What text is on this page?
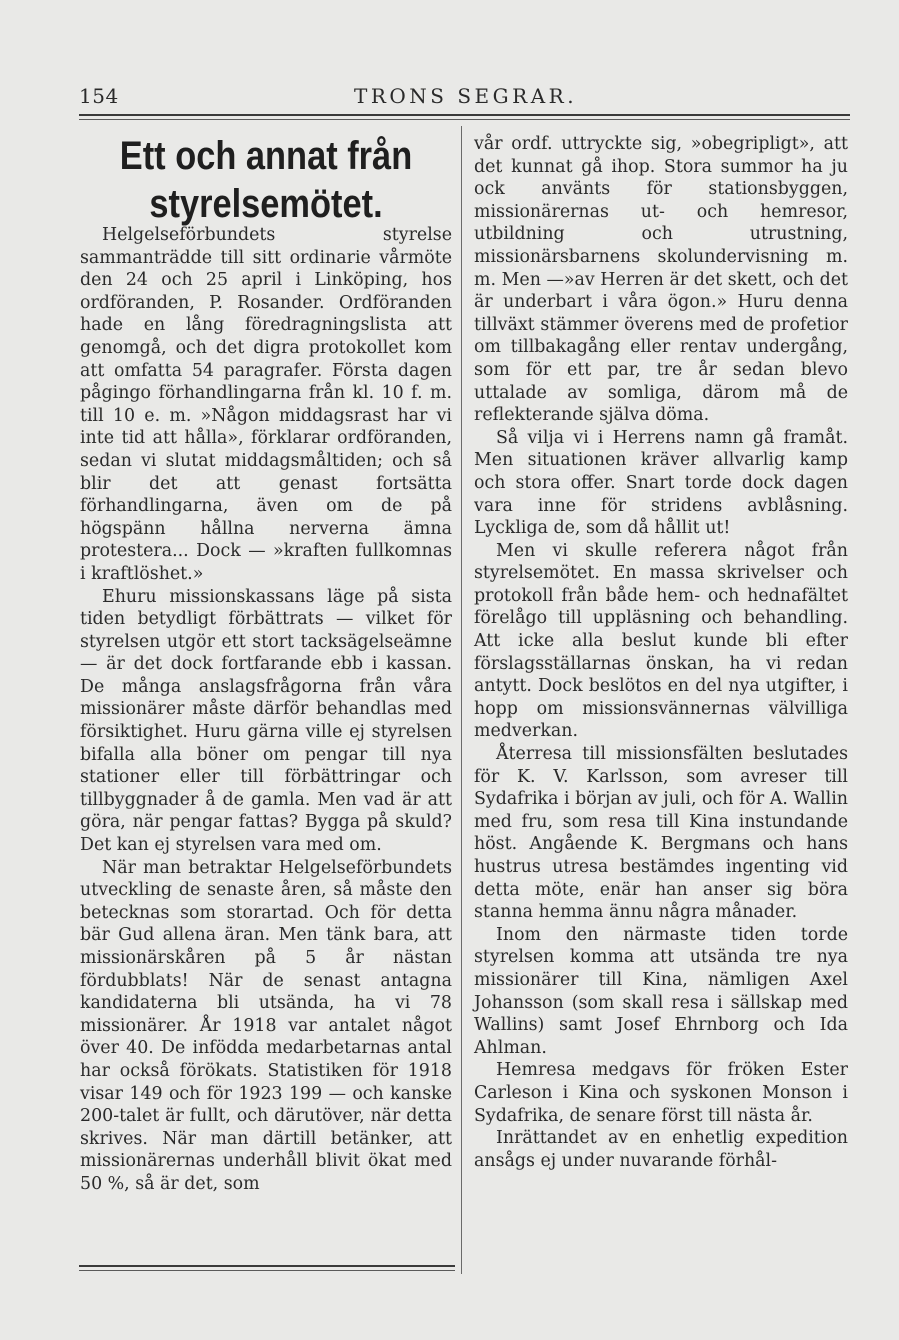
154	TRONS SEGRAR.
Ett och annat från styrelsemötet.

Helgelseförbundets styrelse sammanträdde till sitt ordinarie vårmöte den 24 och 25 april i Linköping, hos ordföranden, P. Rosander. Ordföranden hade en lång föredragningslista att genomgå, och det digra protokollet kom att omfatta 54 paragrafer. Första dagen pågingo förhandlingarna från kl. 10 f. m. till 10 e. m. »Någon middagsrast har vi inte tid att hålla», förklarar ordföranden, sedan vi slutat middagsmåltiden; och så blir det att genast fortsätta förhandlingarna, även om de på högspänn hållna nerverna ämna protestera... Dock — »kraften fullkomnas i kraftlöshet.»

Ehuru missionskassans läge på sista tiden betydligt förbättrats — vilket för styrelsen utgör ett stort tacksägelseämne — är det dock fortfarande ebb i kassan. De många anslagsfrågorna från våra missionärer måste därför behandlas med försiktighet. Huru gärna ville ej styrelsen bifalla alla böner om pengar till nya stationer eller till förbättringar och tillbyggnader å de gamla. Men vad är att göra, när pengar fattas? Bygga på skuld? Det kan ej styrelsen vara med om.

När man betraktar Helgelseförbundets utveckling de senaste åren, så måste den betecknas som storartad. Och för detta bär Gud allena äran. Men tänk bara, att missionärskåren på 5 år nästan fördubblats! När de senast antagna kandidaterna bli utsända, ha vi 78 missionärer. År 1918 var antalet något över 40. De infödda medarbetarnas antal har också förökats. Statistiken för 1918 visar 149 och för 1923 199 — och kanske 200-talet är fullt, och därutöver, när detta skrives. När man därtill betänker, att missionärernas underhåll blivit ökat med 50 %, så är det, som

vår ordf. uttryckte sig, »obegripligt», att det kunnat gå ihop. Stora summor ha ju ock använts för stationsbyggen, missionärernas ut- och hemresor, utbildning och utrustning, missionärsbarnens skolundervisning m. m. Men —»av Herren är det skett, och det är underbart i våra ögon.» Huru denna tillväxt stämmer överens med de profetior om tillbakagång eller rentav undergång, som för ett par, tre år sedan blevo uttalade av somliga, därom må de reflekterande själva döma.

Så vilja vi i Herrens namn gå framåt. Men situationen kräver allvarlig kamp och stora offer. Snart torde dock dagen vara inne för stridens avblåsning. Lyckliga de, som då hållit ut!

Men vi skulle referera något från styrelsemötet. En massa skrivelser och protokoll från både hem- och hednafältet förelågo till uppläsning och behandling. Att icke alla beslut kunde bli efter förslagsställarnas önskan, ha vi redan antytt. Dock beslötos en del nya utgifter, i hopp om missionsvännernas välvilliga medverkan.

Återresa till missionsfälten beslutades för K. V. Karlsson, som avreser till Sydafrika i början av juli, och för A. Wallin med fru, som resa till Kina instundande höst. Angående K. Bergmans och hans hustrus utresa bestämdes ingenting vid detta möte, enär han anser sig böra stanna hemma ännu några månader.

Inom den närmaste tiden torde styrelsen komma att utsända tre nya missionärer till Kina, nämligen Axel Johansson (som skall resa i sällskap med Wallins) samt Josef Ehrnborg och Ida Ahlman.

Hemresa medgavs för fröken Ester Carleson i Kina och syskonen Monson i Sydafrika, de senare först till nästa år.

Inrättandet av en enhetlig expedition ansågs ej under nuvarande förhål-
